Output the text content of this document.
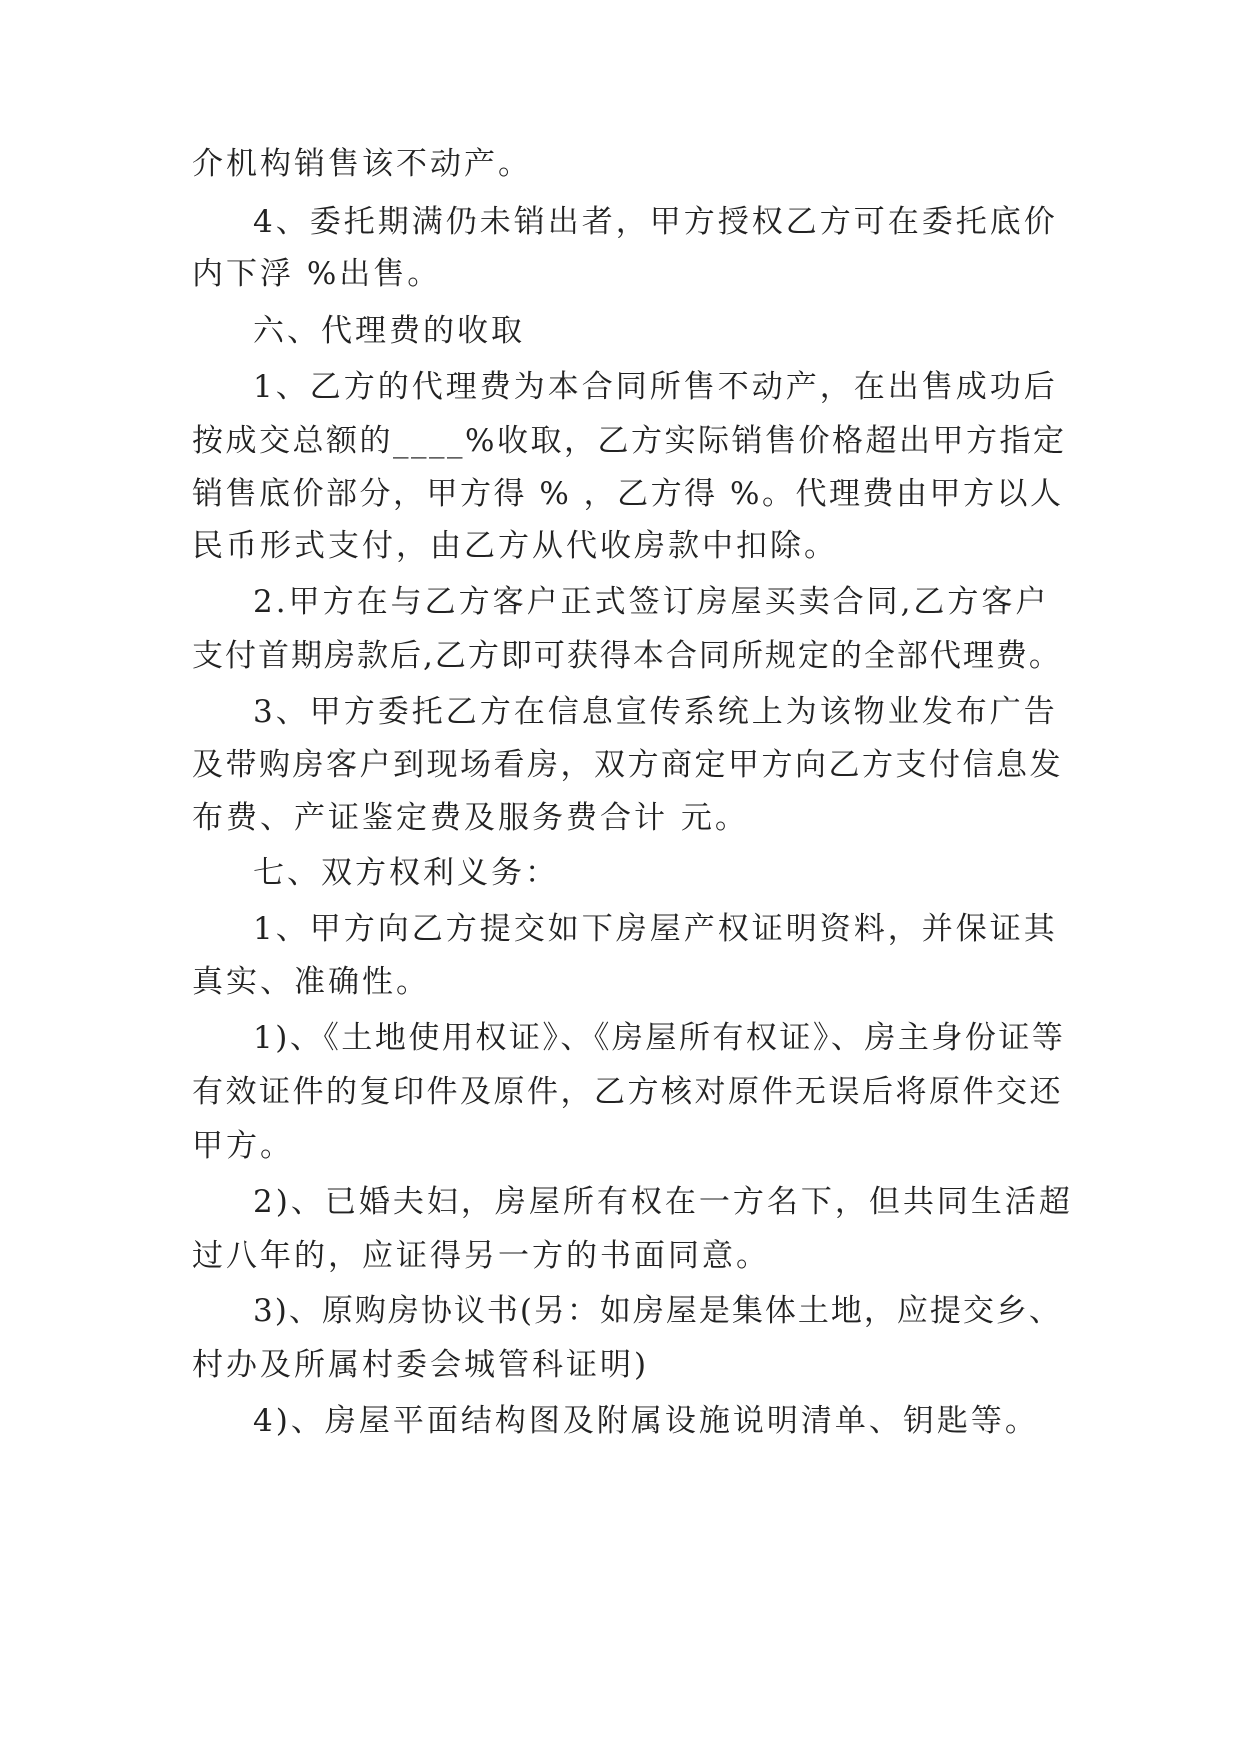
介机构销售该不动产。
4、委托期满仍未销出者，甲方授权乙方可在委托底价
内下浮 %出售。
六、代理费的收取
1、乙方的代理费为本合同所售不动产，在出售成功后
按成交总额的____%收取，乙方实际销售价格超出甲方指定
销售底价部分，甲方得 % ，乙方得 %。代理费由甲方以人
民币形式支付，由乙方从代收房款中扣除。
2.甲方在与乙方客户正式签订房屋买卖合同,乙方客户
支付首期房款后,乙方即可获得本合同所规定的全部代理费。
3、甲方委托乙方在信息宣传系统上为该物业发布广告
及带购房客户到现场看房，双方商定甲方向乙方支付信息发
布费、产证鉴定费及服务费合计 元。
七、双方权利义务：
1、甲方向乙方提交如下房屋产权证明资料，并保证其
真实、准确性。
1)、《土地使用权证》、《房屋所有权证》、房主身份证等
有效证件的复印件及原件，乙方核对原件无误后将原件交还
甲方。
2)、已婚夫妇，房屋所有权在一方名下，但共同生活超
过八年的，应证得另一方的书面同意。
3)、原购房协议书(另：如房屋是集体土地，应提交乡、
村办及所属村委会城管科证明)
4)、房屋平面结构图及附属设施说明清单、钥匙等。
